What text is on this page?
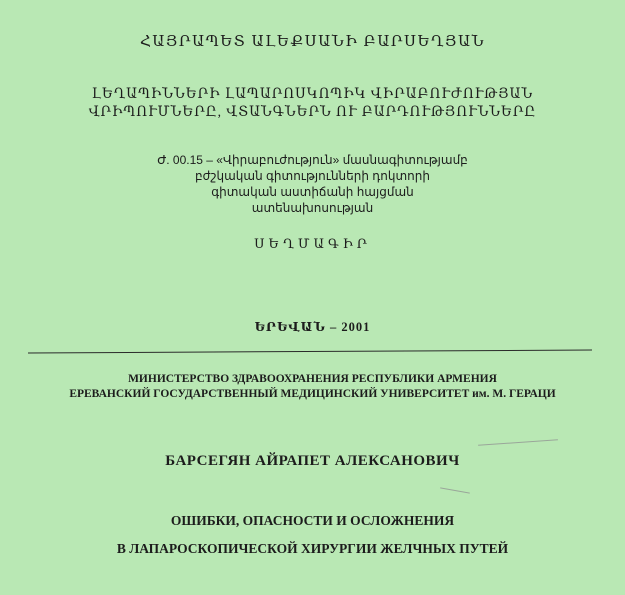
ՀԱՅՐԱՊԵՏ ԱԼԵՔՍԱՆԻ ԲԱՐՍԵՂՅԱՆ
ԼԵՂԱՊԻՆՆԵՐԻ ԼԱՊԱՐՈՍԿՈՊԻԿ ՎԻՐԱԲՈՒԺՈՒԹՅԱՆ
ՎՐԻՊՈՒՄՆԵՐԸ, ՎՏԱՆԳՆԵՐՆ ՈՒ ԲԱՐԴՈՒԹՅՈՒՆՆԵՐԸ
Ժ. 00.15 – «Վիրաբուժություն» մասնագիտությամբ
բժշկական գիտությունների դոկտորի
գիտական աստիճանի հայցման
ատենախոսության
ՍԵՂՄԱԳԻՐ
ԵՐԵՎԱՆ – 2001
МИНИСТЕРСТВО ЗДРАВООХРАНЕНИЯ РЕСПУБЛИКИ АРМЕНИЯ
ЕРЕВАНСКИЙ ГОСУДАРСТВЕННЫЙ МЕДИЦИНСКИЙ УНИВЕРСИТЕТ им. М. ГЕРАЦИ
БАРСЕГЯН АЙРАПЕТ АЛЕКСАНОВИЧ
ОШИБКИ, ОПАСНОСТИ И ОСЛОЖНЕНИЯ
В ЛАПАРОСКОПИЧЕСКОЙ ХИРУРГИИ ЖЕЛЧНЫХ ПУТЕЙ
